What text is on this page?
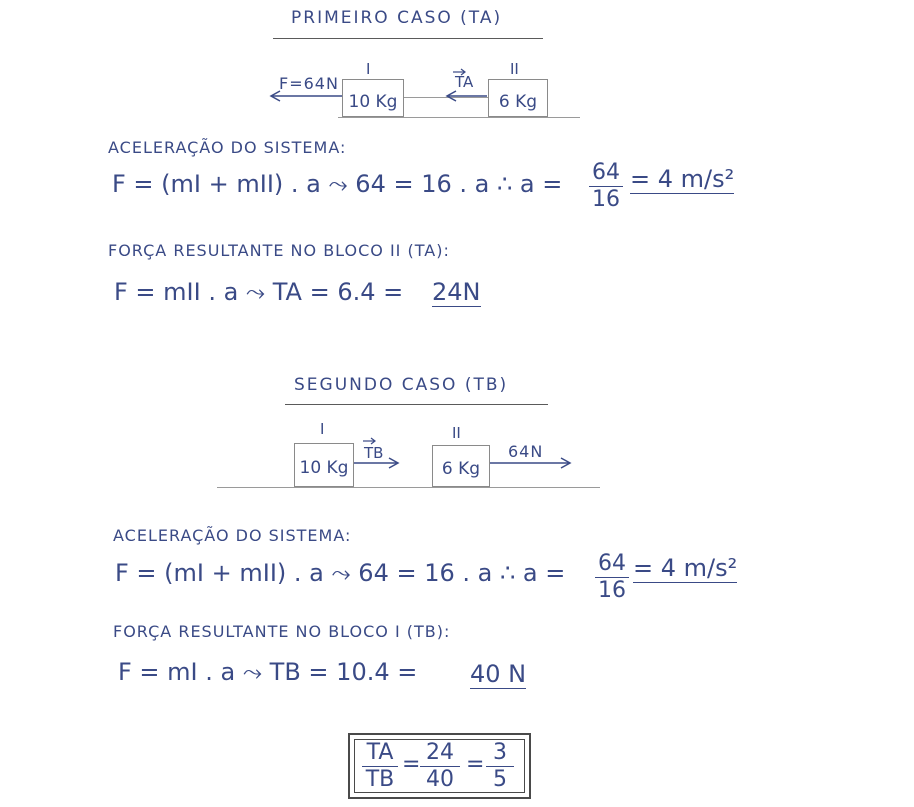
PRIMEIRO CASO (TA)
I	II
10 Kg	6 Kg
F=64N	TA
ACELERAÇÃO DO SISTEMA:
F = (mI + mII) . a ⤳ 64 = 16 . a ∴ a = 64
16
= 4 m/s²
FORÇA RESULTANTE NO BLOCO II (TA):
F = mII . a ⤳ TA = 6.4 = 24N
SEGUNDO CASO (TB)
I	II
10 Kg	6 Kg
TB	64N
ACELERAÇÃO DO SISTEMA:
F = (mI + mII) . a ⤳ 64 = 16 . a ∴ a = 64
16
= 4 m/s²
FORÇA RESULTANTE NO BLOCO I (TB):
F = mI . a ⤳ TB = 10.4 = 40 N
TA
TB
= 24
40
= 3
5
